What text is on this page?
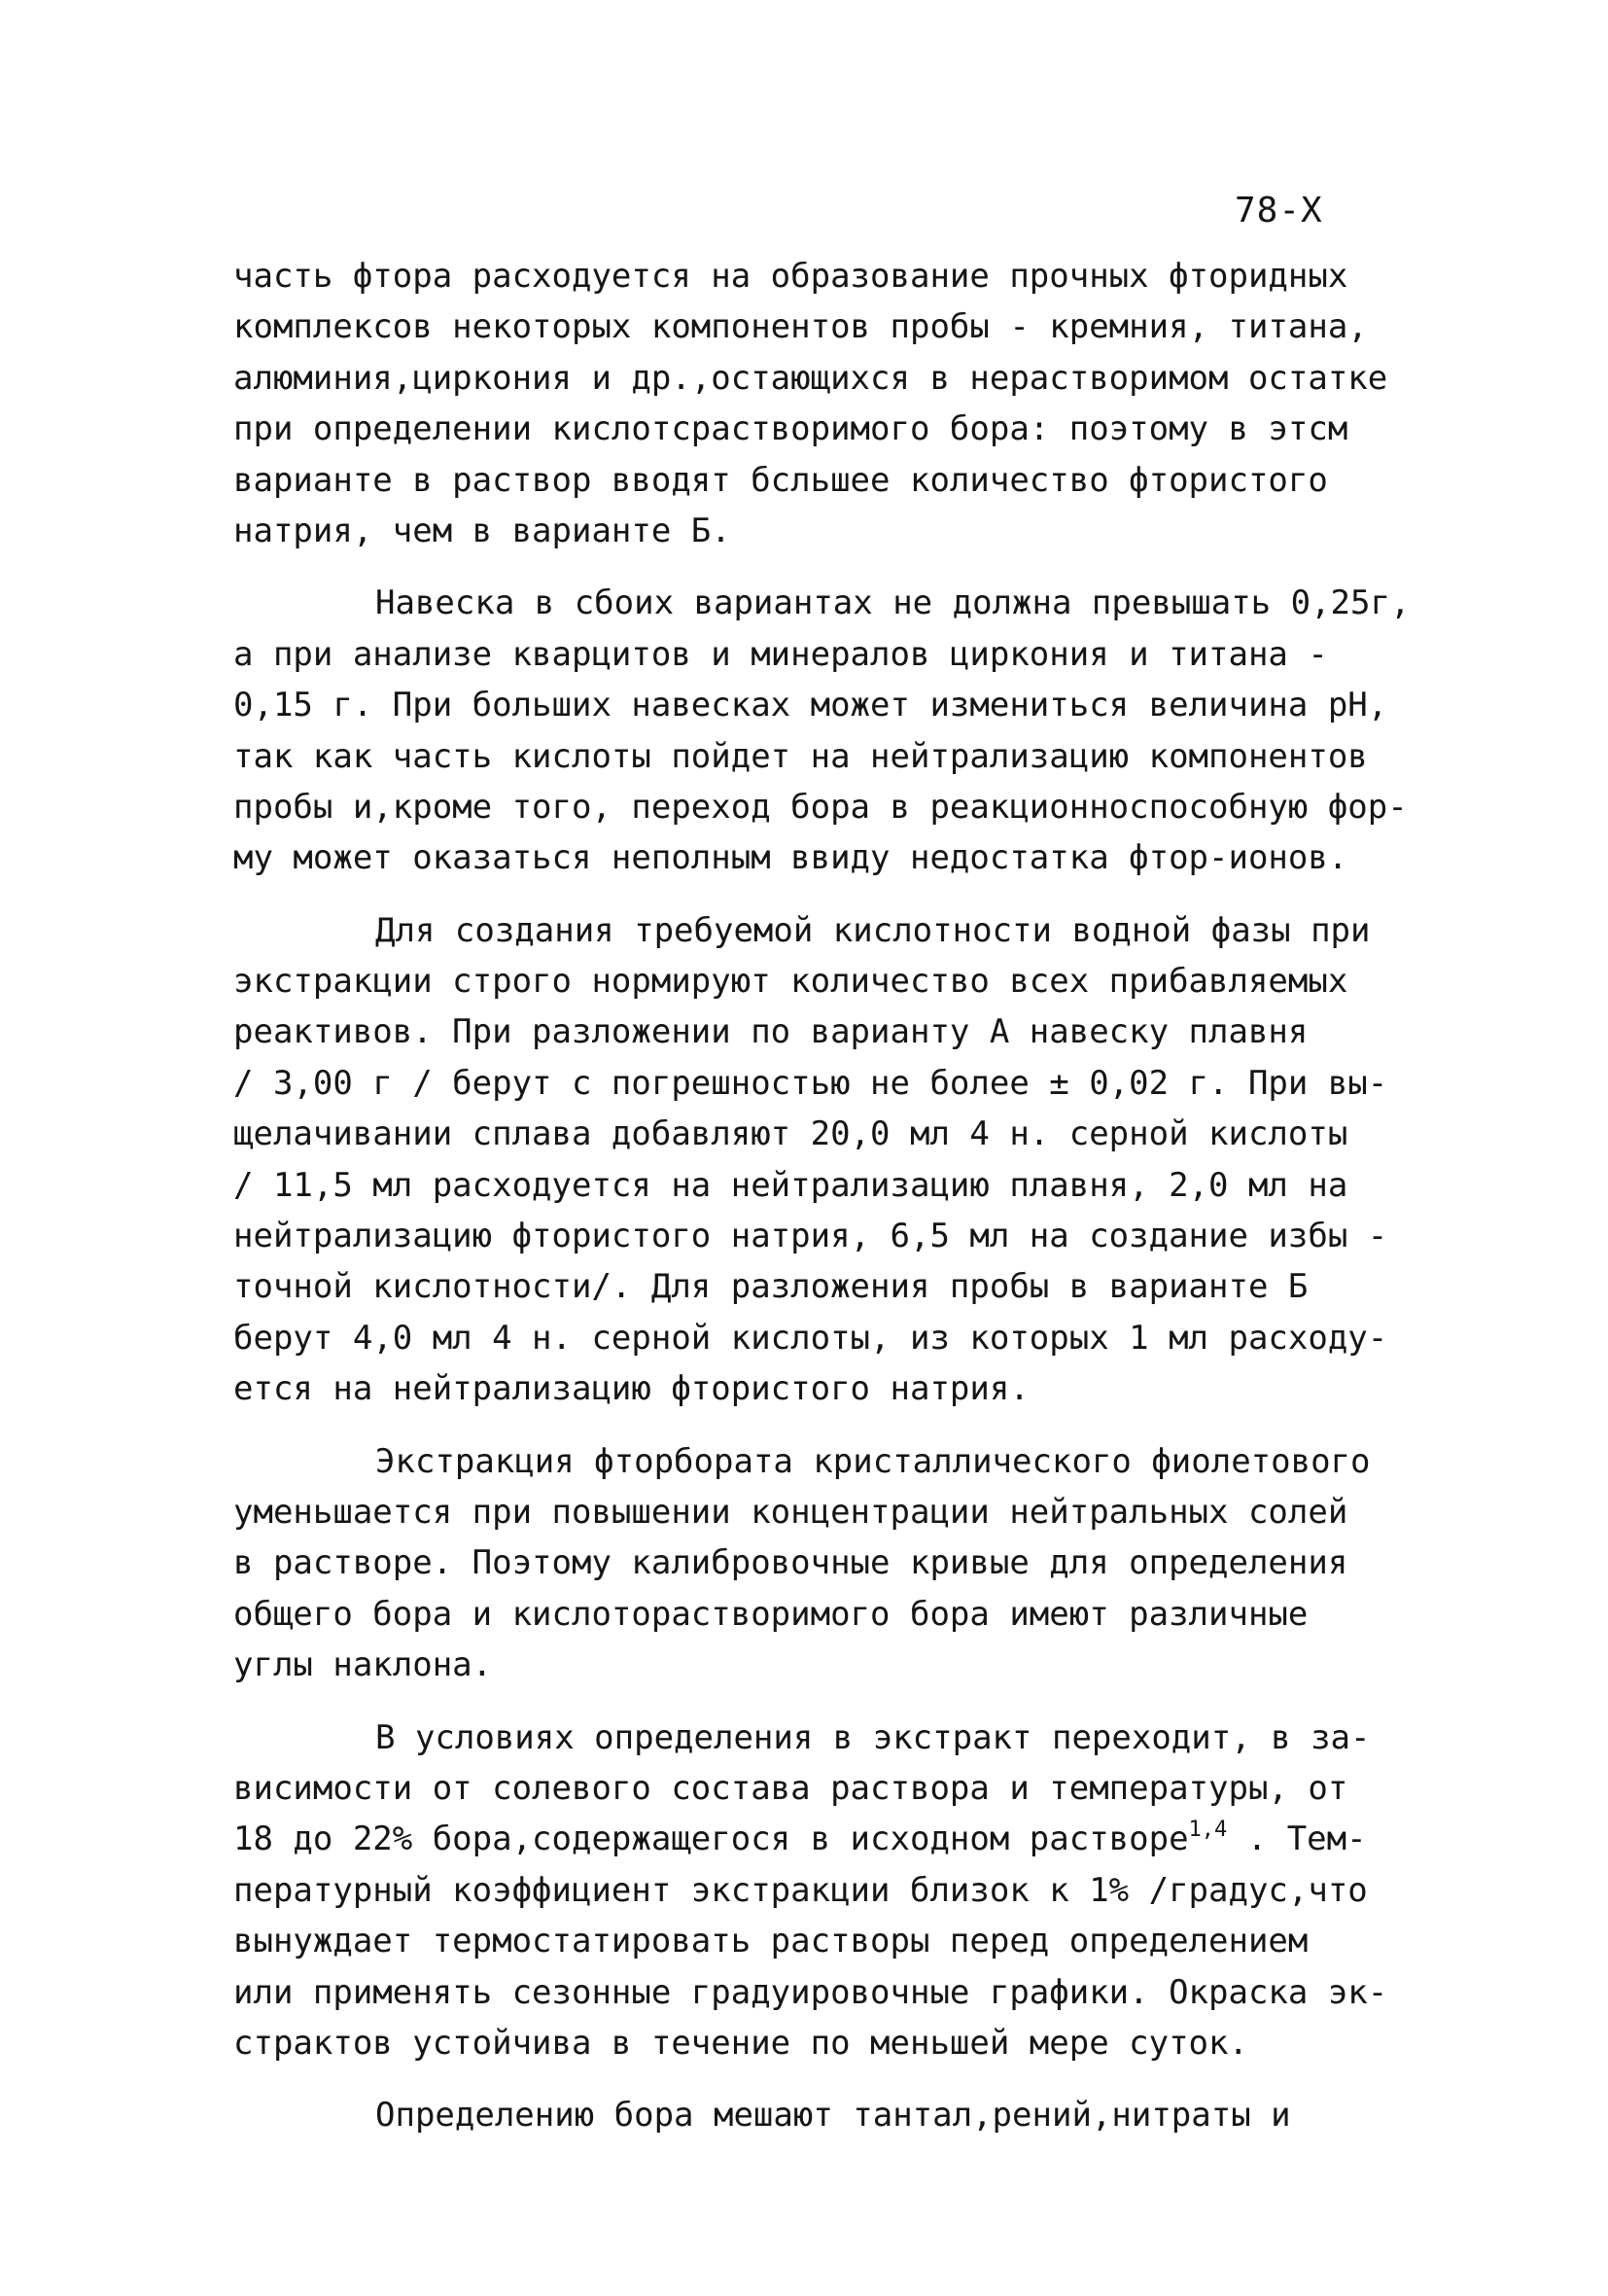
78-X
часть фтора расходуется на образование прочных фторидных
комплексов некоторых компонентов пробы - кремния, титана,
алюминия,циркония и др.,остающихся в нерастворимом остатке
при определении кислотсрастворимого бора: поэтому в этсм
варианте в раствор вводят бсльшее количество фтористого
натрия, чем в варианте Б.
Навеска в сбоих вариантах не должна превышать 0,25г,
а при анализе кварцитов и минералов циркония и титана -
0,15 г. При больших навесках может измениться величина pH,
так как часть кислоты пойдет на нейтрализацию компонентов
пробы и,кроме того, переход бора в реакционноспособную фор-
му может оказаться неполным ввиду недостатка фтор-ионов.
Для создания требуемой кислотности водной фазы при
экстракции строго нормируют количество всех прибавляемых
реактивов. При разложении по варианту А навеску плавня
/ 3,00 г / берут с погрешностью не более ± 0,02 г. При вы-
щелачивании сплава добавляют 20,0 мл 4 н. серной кислоты
/ 11,5 мл расходуется на нейтрализацию плавня, 2,0 мл на
нейтрализацию фтористого натрия, 6,5 мл на создание избы -
точной кислотности/. Для разложения пробы в варианте Б
берут 4,0 мл 4 н. серной кислоты, из которых 1 мл расходу-
ется на нейтрализацию фтористого натрия.
Экстракция фторбората кристаллического фиолетового
уменьшается при повышении концентрации нейтральных солей
в растворе. Поэтому калибровочные кривые для определения
общего бора и кислоторастворимого бора имеют различные
углы наклона.
В условиях определения в экстракт переходит, в за-
висимости от солевого состава раствора и температуры, от
18 до 22% бора,содержащегося в исходном растворе$^{1,4}$ . Тем-
пературный коэффициент экстракции близок к 1% /градус,что
вынуждает термостатировать растворы перед определением
или применять сезонные градуировочные графики. Окраска эк-
страктов устойчива в течение по меньшей мере суток.
Определению бора мешают тантал,рений,нитраты и
